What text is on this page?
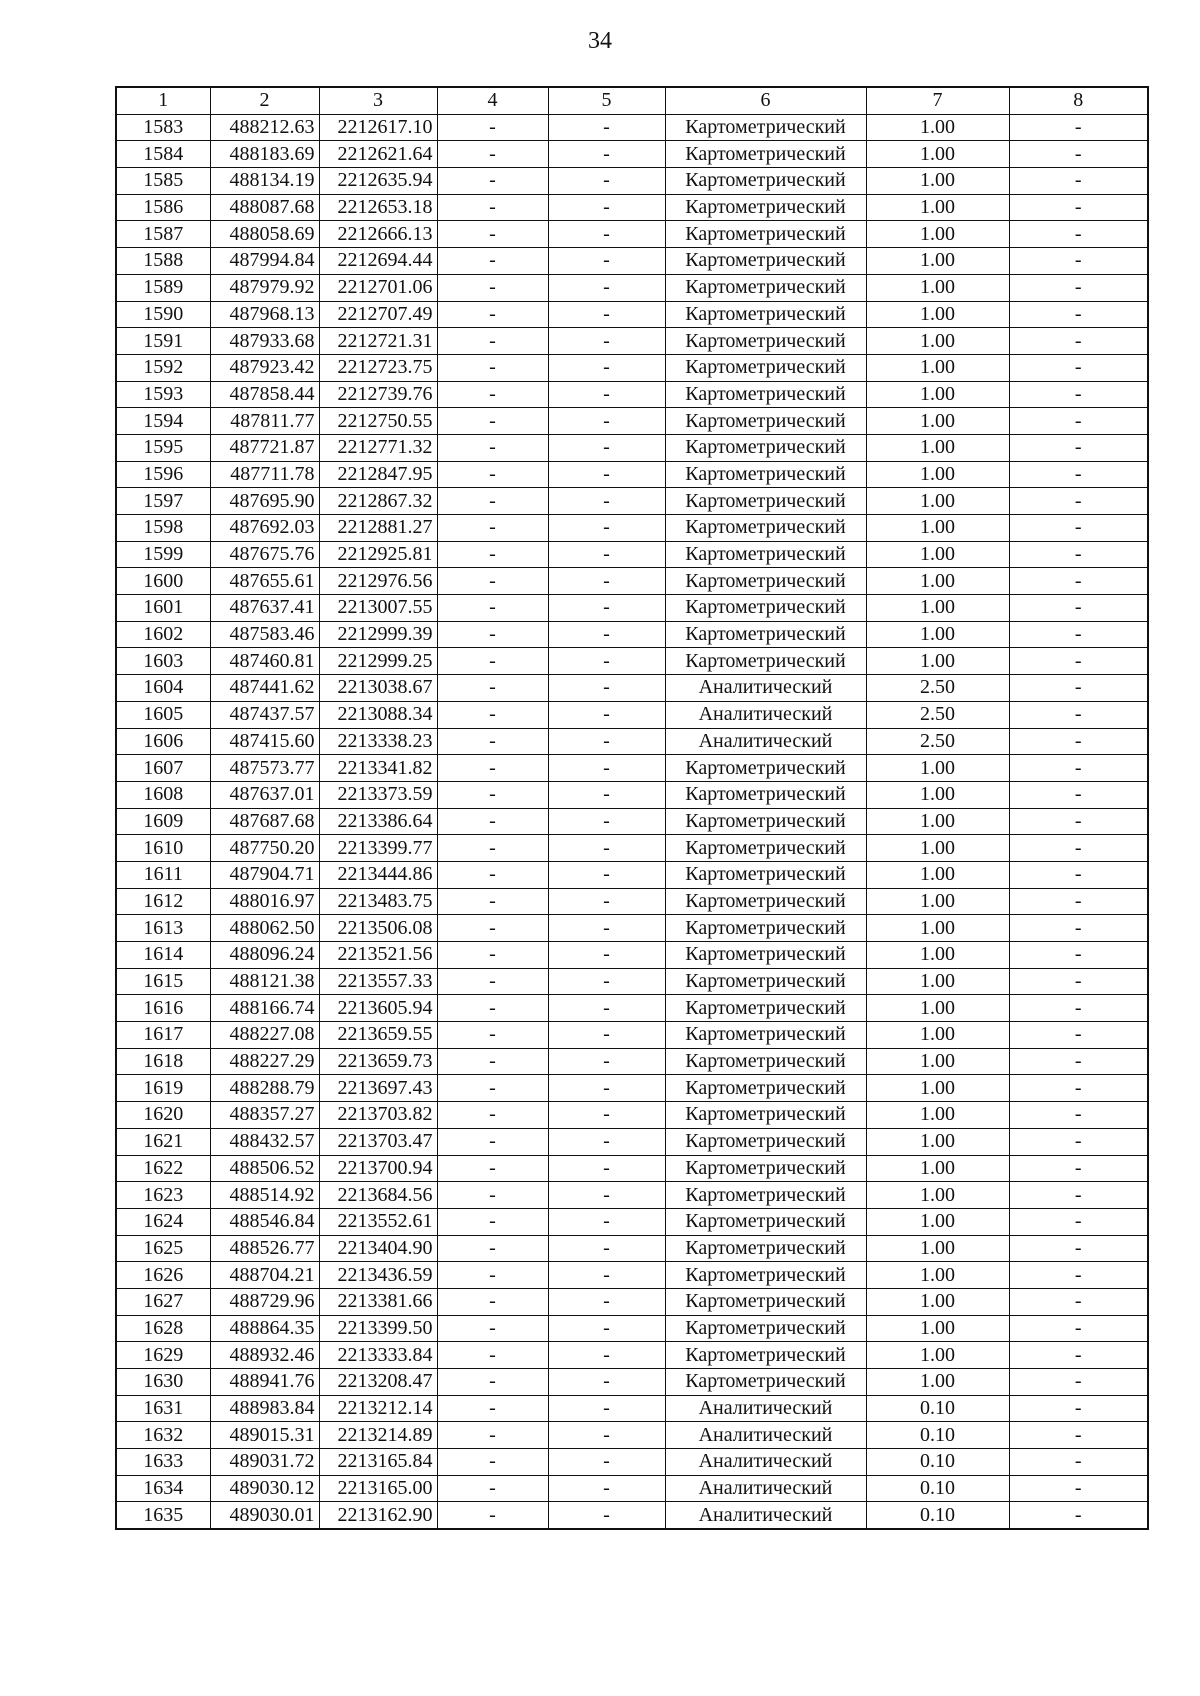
34
1	2	3	4	5	6	7	8
1583	488212.63	2212617.10	-	-	Картометрический	1.00	-
1584	488183.69	2212621.64	-	-	Картометрический	1.00	-
1585	488134.19	2212635.94	-	-	Картометрический	1.00	-
1586	488087.68	2212653.18	-	-	Картометрический	1.00	-
1587	488058.69	2212666.13	-	-	Картометрический	1.00	-
1588	487994.84	2212694.44	-	-	Картометрический	1.00	-
1589	487979.92	2212701.06	-	-	Картометрический	1.00	-
1590	487968.13	2212707.49	-	-	Картометрический	1.00	-
1591	487933.68	2212721.31	-	-	Картометрический	1.00	-
1592	487923.42	2212723.75	-	-	Картометрический	1.00	-
1593	487858.44	2212739.76	-	-	Картометрический	1.00	-
1594	487811.77	2212750.55	-	-	Картометрический	1.00	-
1595	487721.87	2212771.32	-	-	Картометрический	1.00	-
1596	487711.78	2212847.95	-	-	Картометрический	1.00	-
1597	487695.90	2212867.32	-	-	Картометрический	1.00	-
1598	487692.03	2212881.27	-	-	Картометрический	1.00	-
1599	487675.76	2212925.81	-	-	Картометрический	1.00	-
1600	487655.61	2212976.56	-	-	Картометрический	1.00	-
1601	487637.41	2213007.55	-	-	Картометрический	1.00	-
1602	487583.46	2212999.39	-	-	Картометрический	1.00	-
1603	487460.81	2212999.25	-	-	Картометрический	1.00	-
1604	487441.62	2213038.67	-	-	Аналитический	2.50	-
1605	487437.57	2213088.34	-	-	Аналитический	2.50	-
1606	487415.60	2213338.23	-	-	Аналитический	2.50	-
1607	487573.77	2213341.82	-	-	Картометрический	1.00	-
1608	487637.01	2213373.59	-	-	Картометрический	1.00	-
1609	487687.68	2213386.64	-	-	Картометрический	1.00	-
1610	487750.20	2213399.77	-	-	Картометрический	1.00	-
1611	487904.71	2213444.86	-	-	Картометрический	1.00	-
1612	488016.97	2213483.75	-	-	Картометрический	1.00	-
1613	488062.50	2213506.08	-	-	Картометрический	1.00	-
1614	488096.24	2213521.56	-	-	Картометрический	1.00	-
1615	488121.38	2213557.33	-	-	Картометрический	1.00	-
1616	488166.74	2213605.94	-	-	Картометрический	1.00	-
1617	488227.08	2213659.55	-	-	Картометрический	1.00	-
1618	488227.29	2213659.73	-	-	Картометрический	1.00	-
1619	488288.79	2213697.43	-	-	Картометрический	1.00	-
1620	488357.27	2213703.82	-	-	Картометрический	1.00	-
1621	488432.57	2213703.47	-	-	Картометрический	1.00	-
1622	488506.52	2213700.94	-	-	Картометрический	1.00	-
1623	488514.92	2213684.56	-	-	Картометрический	1.00	-
1624	488546.84	2213552.61	-	-	Картометрический	1.00	-
1625	488526.77	2213404.90	-	-	Картометрический	1.00	-
1626	488704.21	2213436.59	-	-	Картометрический	1.00	-
1627	488729.96	2213381.66	-	-	Картометрический	1.00	-
1628	488864.35	2213399.50	-	-	Картометрический	1.00	-
1629	488932.46	2213333.84	-	-	Картометрический	1.00	-
1630	488941.76	2213208.47	-	-	Картометрический	1.00	-
1631	488983.84	2213212.14	-	-	Аналитический	0.10	-
1632	489015.31	2213214.89	-	-	Аналитический	0.10	-
1633	489031.72	2213165.84	-	-	Аналитический	0.10	-
1634	489030.12	2213165.00	-	-	Аналитический	0.10	-
1635	489030.01	2213162.90	-	-	Аналитический	0.10	-
